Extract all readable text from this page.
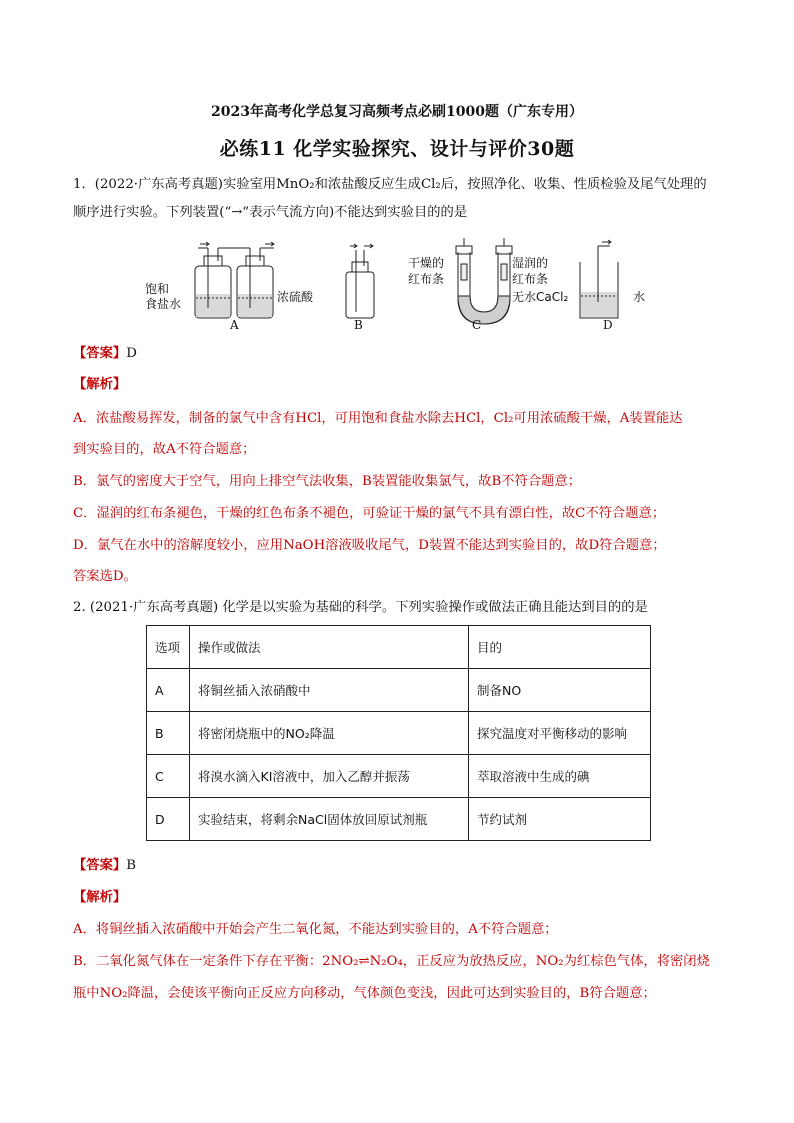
2023年高考化学总复习高频考点必刷1000题（广东专用）
必练11 化学实验探究、设计与评价30题
1．(2022·广东高考真题)实验室用MnO₂和浓盐酸反应生成Cl₂后，按照净化、收集、性质检验及尾气处理的
顺序进行实验。下列装置(“→”表示气流方向)不能达到实验目的的是
饱和
食盐水	浓硫酸
A	B
干燥的
红布条
湿润的
红布条
无水CaCl₂
C
水
D
【答案】D
【解析】
A．浓盐酸易挥发，制备的氯气中含有HCl，可用饱和食盐水除去HCl，Cl₂可用浓硫酸干燥，A装置能达
到实验目的，故A不符合题意；
B．氯气的密度大于空气，用向上排空气法收集，B装置能收集氯气，故B不符合题意；
C．湿润的红布条褪色，干燥的红色布条不褪色，可验证干燥的氯气不具有漂白性，故C不符合题意；
D．氯气在水中的溶解度较小，应用NaOH溶液吸收尾气，D装置不能达到实验目的，故D符合题意；
答案选D。
2. (2021·广东高考真题) 化学是以实验为基础的科学。下列实验操作或做法正确且能达到目的的是
选项	操作或做法	目的
A	将铜丝插入浓硝酸中	制备NO
B	将密闭烧瓶中的NO₂降温	探究温度对平衡移动的影响
C	将溴水滴入KI溶液中，加入乙醇并振荡	萃取溶液中生成的碘
D	实验结束，将剩余NaCl固体放回原试剂瓶	节约试剂
【答案】B
【解析】
A．将铜丝插入浓硝酸中开始会产生二氧化氮，不能达到实验目的，A不符合题意；
B．二氧化氮气体在一定条件下存在平衡：2NO₂⇌N₂O₄，正反应为放热反应，NO₂为红棕色气体，将密闭烧
瓶中NO₂降温，会使该平衡向正反应方向移动，气体颜色变浅，因此可达到实验目的，B符合题意；
